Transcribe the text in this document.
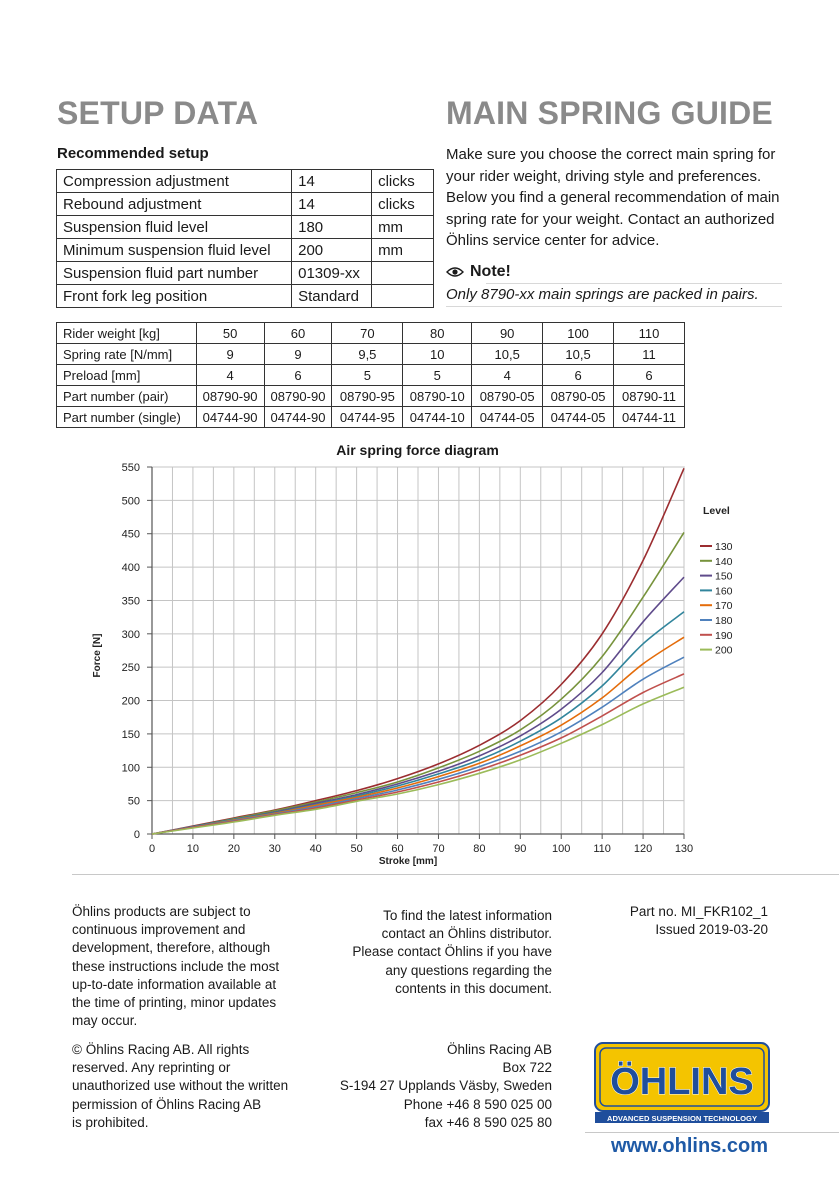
SETUP DATA	MAIN SPRING GUIDE
Recommended setup
Compression adjustment	14	clicks
Rebound adjustment	14	clicks
Suspension fluid level	180	mm
Minimum suspension fluid level	200	mm
Suspension fluid part number	01309-xx	
Front fork leg position	Standard	
Make sure you choose the correct main spring for
your rider weight, driving style and preferences.
Below you find a general recommendation of main
spring rate for your weight. Contact an authorized
Öhlins service center for advice.
Note!
Only 8790-xx main springs are packed in pairs.
Rider weight [kg]	50	60	70	80	90	100	110
Spring rate [N/mm]	9	9	9,5	10	10,5	10,5	11
Preload [mm]	4	6	5	5	4	6	6
Part number (pair)	08790-90	08790-90	08790-95	08790-10	08790-05	08790-05	08790-11
Part number (single)	04744-90	04744-90	04744-95	04744-10	04744-05	04744-05	04744-11
Air spring force diagram
0
50
100
150
200
250
300
350
400
450
500
550
0	10	20	30	40	50	60	70	80	90 100 110 120 130
Stroke [mm]
Force [N]
Level
130
140
150
160
170
180
190
200
Öhlins products are subject to
continuous improvement and
development, therefore, although
these instructions include the most
up-to-date information available at
the time of printing, minor updates
may occur.
© Öhlins Racing AB. All rights
reserved. Any reprinting or
unauthorized use without the written
permission of Öhlins Racing AB
is prohibited.
To find the latest information
contact an Öhlins distributor.
Please contact Öhlins if you have
any questions regarding the
contents in this document.
Öhlins Racing AB
Box 722
S-194 27 Upplands Väsby, Sweden
Phone +46 8 590 025 00
fax +46 8 590 025 80
Part no. MI_FKR102_1
Issued 2019-03-20
ÖHLINS
ADVANCED SUSPENSION TECHNOLOGY
www.ohlins.com
